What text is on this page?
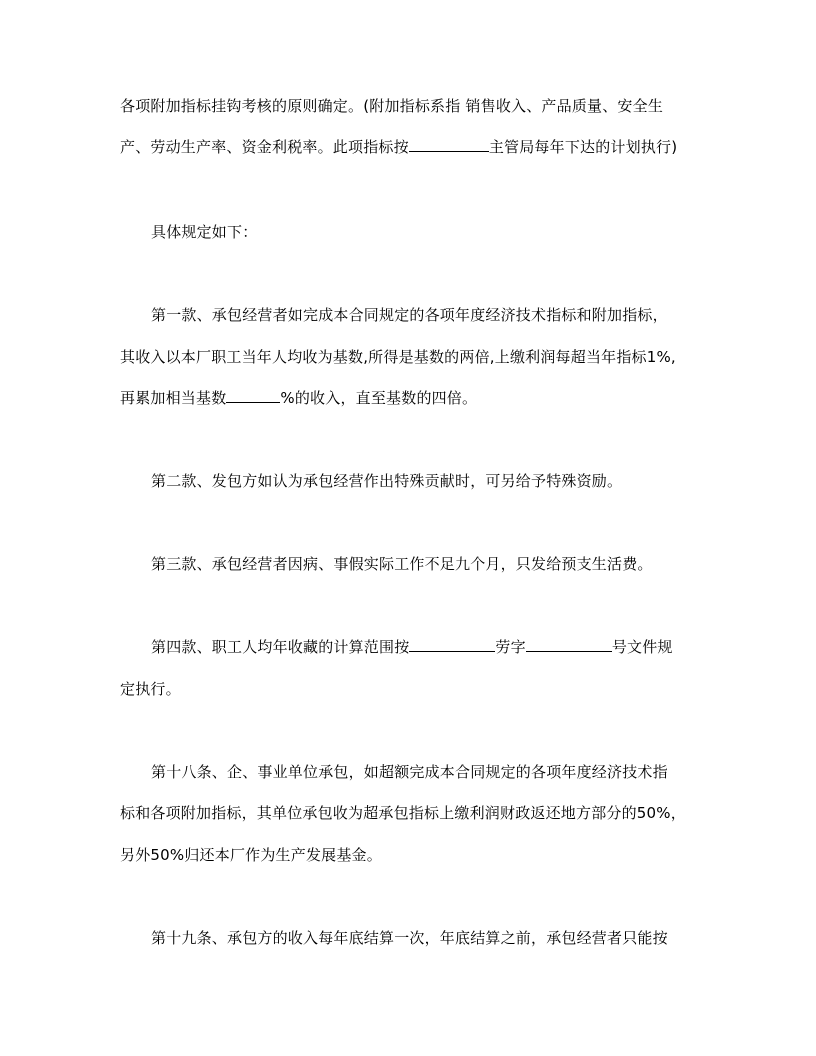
各项附加指标挂钩考核的原则确定。(附加指标系指 销售收入、产品质量、安全生
产、劳动生产率、资金利税率。此项指标按	主管局每年下达的计划执行)
具体规定如下：
第一款、承包经营者如完成本合同规定的各项年度经济技术指标和附加指标，
其收入以本厂职工当年人均收为基数,所得是基数的两倍,上缴利润每超当年指标1%,
再累加相当基数	%的收入，直至基数的四倍。
第二款、发包方如认为承包经营作出特殊贡献时，可另给予特殊资励。
第三款、承包经营者因病、事假实际工作不足九个月，只发给预支生活费。
第四款、职工人均年收藏的计算范围按	劳字	号文件规
定执行。
第十八条、企、事业单位承包，如超额完成本合同规定的各项年度经济技术指
标和各项附加指标，其单位承包收为超承包指标上缴利润财政返还地方部分的50%，
另外50%归还本厂作为生产发展基金。
第十九条、承包方的收入每年底结算一次，年底结算之前，承包经营者只能按
